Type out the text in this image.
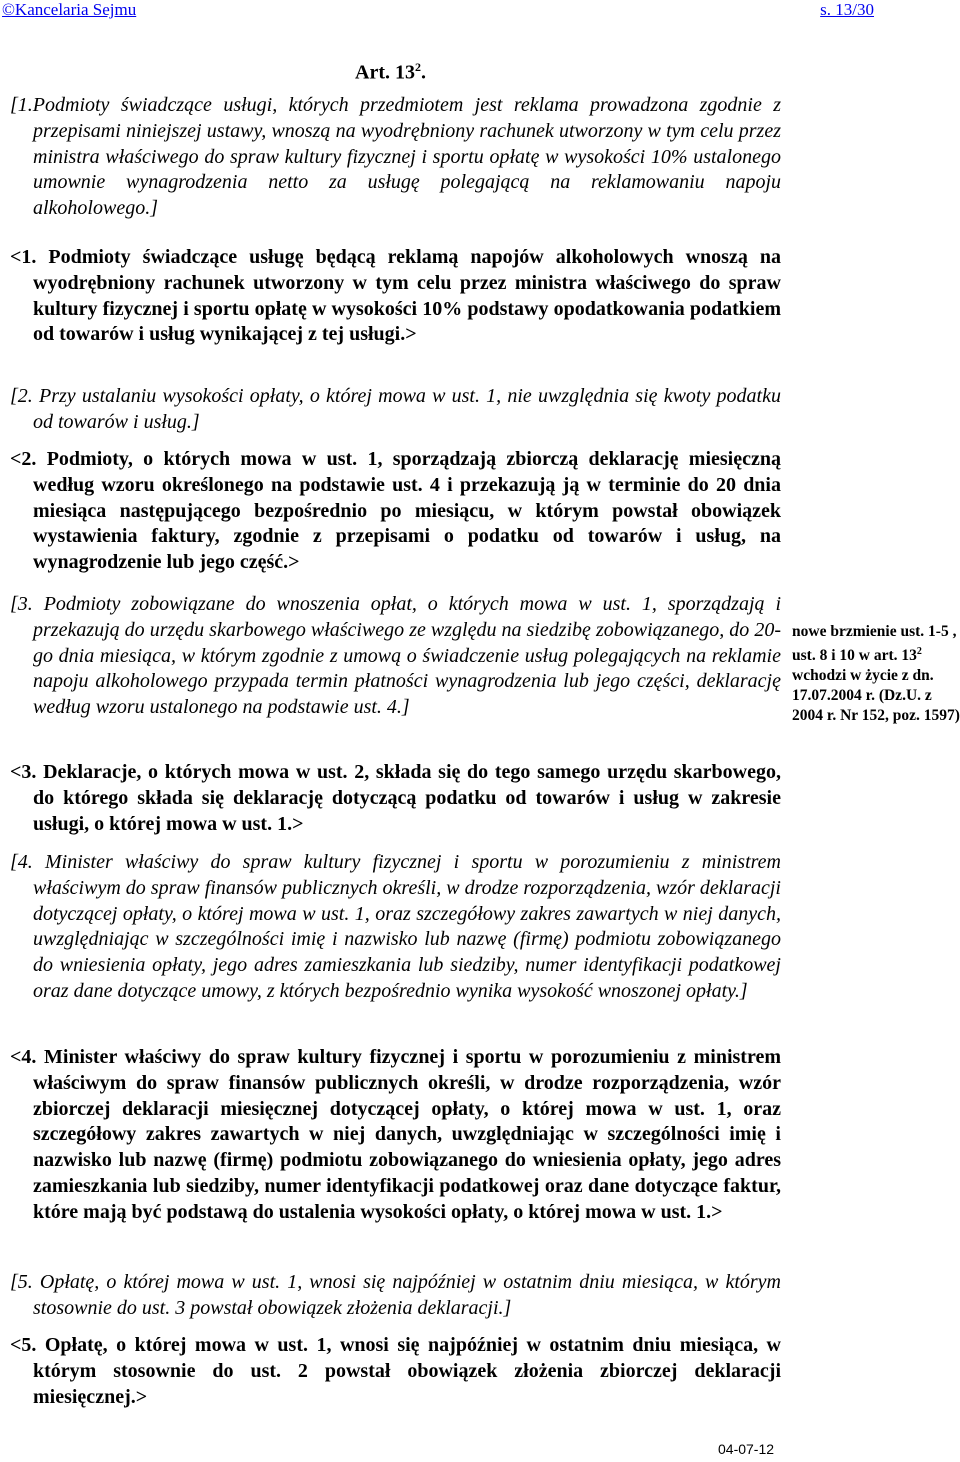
©Kancelaria Sejmu	s. 13/30
Art. $13^2$.
[1.Podmioty świadczące usługi, których przedmiotem jest reklama prowadzona zgodnie z przepisami niniejszej ustawy, wnoszą na wyodrębniony rachunek utworzony w tym celu przez ministra właściwego do spraw kultury fizycznej i sportu opłatę w wysokości 10% ustalonego umownie wynagrodzenia netto za usługę polegającą na reklamowaniu napoju alkoholowego.]
<1. Podmioty świadczące usługę będącą reklamą napojów alkoholowych wnoszą na wyodrębniony rachunek utworzony w tym celu przez ministra właściwego do spraw kultury fizycznej i sportu opłatę w wysokości 10% podstawy opodatkowania podatkiem od towarów i usług wynikającej z tej usługi.>
[2. Przy ustalaniu wysokości opłaty, o której mowa w ust. 1, nie uwzględnia się kwoty podatku od towarów i usług.]
<2. Podmioty, o których mowa w ust. 1, sporządzają zbiorczą deklarację miesięczną według wzoru określonego na podstawie ust. 4 i przekazują ją w terminie do 20 dnia miesiąca następującego bezpośrednio po miesiącu, w którym powstał obowiązek wystawienia faktury, zgodnie z przepisami o podatku od towarów i usług, na wynagrodzenie lub jego część.>
[3. Podmioty zobowiązane do wnoszenia opłat, o których mowa w ust. 1, sporządzają i przekazują do urzędu skarbowego właściwego ze względu na siedzibę zobowiązanego, do 20-go dnia miesiąca, w którym zgodnie z umową o świadczenie usług polegających na reklamie napoju alkoholowego przypada termin płatności wynagrodzenia lub jego części, deklarację według wzoru ustalonego na podstawie ust. 4.]
<3. Deklaracje, o których mowa w ust. 2, składa się do tego samego urzędu skarbowego, do którego składa się deklarację dotyczącą podatku od towarów i usług w zakresie usługi, o której mowa w ust. 1.>
[4. Minister właściwy do spraw kultury fizycznej i sportu w porozumieniu z ministrem właściwym do spraw finansów publicznych określi, w drodze rozporządzenia, wzór deklaracji dotyczącej opłaty, o której mowa w ust. 1, oraz szczegółowy zakres zawartych w niej danych, uwzględniając w szczególności imię i nazwisko lub nazwę (firmę) podmiotu zobowiązanego do wniesienia opłaty, jego adres zamieszkania lub siedziby, numer identyfikacji podatkowej oraz dane dotyczące umowy, z których bezpośrednio wynika wysokość wnoszonej opłaty.]
<4. Minister właściwy do spraw kultury fizycznej i sportu w porozumieniu z ministrem właściwym do spraw finansów publicznych określi, w drodze rozporządzenia, wzór zbiorczej deklaracji miesięcznej dotyczącej opłaty, o której mowa w ust. 1, oraz szczegółowy zakres zawartych w niej danych, uwzględniając w szczególności imię i nazwisko lub nazwę (firmę) podmiotu zobowiązanego do wniesienia opłaty, jego adres zamieszkania lub siedziby, numer identyfikacji podatkowej oraz dane dotyczące faktur, które mają być podstawą do ustalenia wysokości opłaty, o której mowa w ust. 1.>
[5. Opłatę, o której mowa w ust. 1, wnosi się najpóźniej w ostatnim dniu miesiąca, w którym stosownie do ust. 3 powstał obowiązek złożenia deklaracji.]
<5. Opłatę, o której mowa w ust. 1, wnosi się najpóźniej w ostatnim dniu miesiąca, w którym stosownie do ust. 2 powstał obowiązek złożenia zbiorczej deklaracji miesięcznej.>
nowe brzmienie ust. 1-5 , ust. 8 i 10 w art. $13^2$ wchodzi w życie z dn. 17.07.2004 r. (Dz.U. z 2004 r. Nr 152, poz. 1597)
04-07-12
